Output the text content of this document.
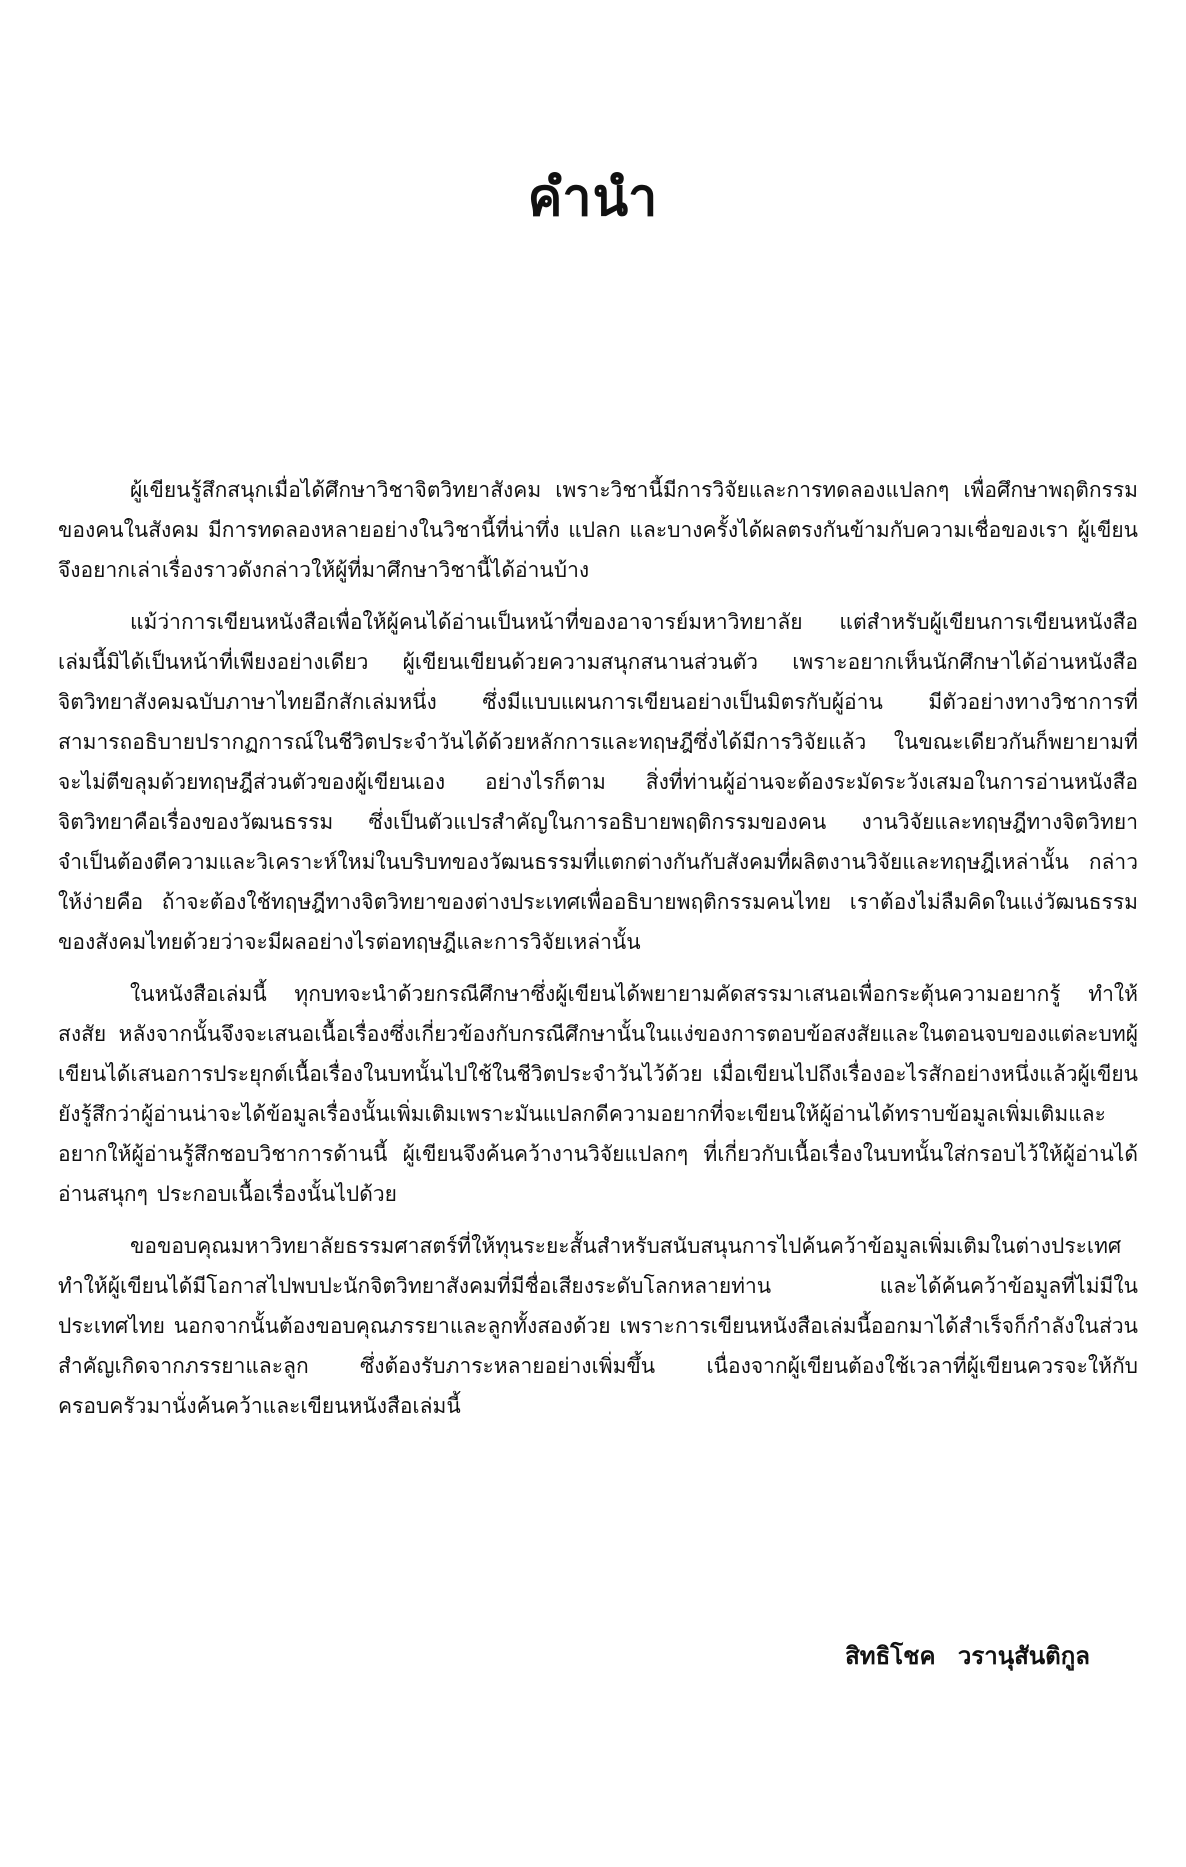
คำนำ

ผู้เขียนรู้สึกสนุกเมื่อได้ศึกษาวิชาจิตวิทยาสังคม เพราะวิชานี้มีการวิจัยและการทดลองแปลกๆ เพื่อศึกษาพฤติกรรมของคนในสังคม มีการทดลองหลายอย่างในวิชานี้ที่น่าทึ่ง แปลก และบางครั้งได้ผลตรงกันข้ามกับความเชื่อของเรา ผู้เขียนจึงอยากเล่าเรื่องราวดังกล่าวให้ผู้ที่มาศึกษาวิชานี้ได้อ่านบ้าง

แม้ว่าการเขียนหนังสือเพื่อให้ผู้คนได้อ่านเป็นหน้าที่ของอาจารย์มหาวิทยาลัย แต่สำหรับผู้เขียนการเขียนหนังสือเล่มนี้มิได้เป็นหน้าที่เพียงอย่างเดียว ผู้เขียนเขียนด้วยความสนุกสนานส่วนตัว เพราะอยากเห็นนักศึกษาได้อ่านหนังสือจิตวิทยาสังคมฉบับภาษาไทยอีกสักเล่มหนึ่ง ซึ่งมีแบบแผนการเขียนอย่างเป็นมิตรกับผู้อ่าน มีตัวอย่างทางวิชาการที่สามารถอธิบายปรากฏการณ์ในชีวิตประจำวันได้ด้วยหลักการและทฤษฎีซึ่งได้มีการวิจัยแล้ว ในขณะเดียวกันก็พยายามที่จะไม่ตีขลุมด้วยทฤษฎีส่วนตัวของผู้เขียนเอง อย่างไรก็ตาม สิ่งที่ท่านผู้อ่านจะต้องระมัดระวังเสมอในการอ่านหนังสือจิตวิทยาคือเรื่องของวัฒนธรรม ซึ่งเป็นตัวแปรสำคัญในการอธิบายพฤติกรรมของคน งานวิจัยและทฤษฎีทางจิตวิทยาจำเป็นต้องตีความและวิเคราะห์ใหม่ในบริบทของวัฒนธรรมที่แตกต่างกันกับสังคมที่ผลิตงานวิจัยและทฤษฎีเหล่านั้น กล่าวให้ง่ายคือ ถ้าจะต้องใช้ทฤษฎีทางจิตวิทยาของต่างประเทศเพื่ออธิบายพฤติกรรมคนไทย เราต้องไม่ลืมคิดในแง่วัฒนธรรมของสังคมไทยด้วยว่าจะมีผลอย่างไรต่อทฤษฎีและการวิจัยเหล่านั้น

ในหนังสือเล่มนี้ ทุกบทจะนำด้วยกรณีศึกษาซึ่งผู้เขียนได้พยายามคัดสรรมาเสนอเพื่อกระตุ้นความอยากรู้ ทำให้สงสัย หลังจากนั้นจึงจะเสนอเนื้อเรื่องซึ่งเกี่ยวข้องกับกรณีศึกษานั้นในแง่ของการตอบข้อสงสัยและในตอนจบของแต่ละบทผู้เขียนได้เสนอการประยุกต์เนื้อเรื่องในบทนั้นไปใช้ในชีวิตประจำวันไว้ด้วย เมื่อเขียนไปถึงเรื่องอะไรสักอย่างหนึ่งแล้วผู้เขียนยังรู้สึกว่าผู้อ่านน่าจะได้ข้อมูลเรื่องนั้นเพิ่มเติมเพราะมันแปลกดีความอยากที่จะเขียนให้ผู้อ่านได้ทราบข้อมูลเพิ่มเติมและอยากให้ผู้อ่านรู้สึกชอบวิชาการด้านนี้ ผู้เขียนจึงค้นคว้างานวิจัยแปลกๆ ที่เกี่ยวกับเนื้อเรื่องในบทนั้นใส่กรอบไว้ให้ผู้อ่านได้อ่านสนุกๆ ประกอบเนื้อเรื่องนั้นไปด้วย

ขอขอบคุณมหาวิทยาลัยธรรมศาสตร์ที่ให้ทุนระยะสั้นสำหรับสนับสนุนการไปค้นคว้าข้อมูลเพิ่มเติมในต่างประเทศ ทำให้ผู้เขียนได้มีโอกาสไปพบปะนักจิตวิทยาสังคมที่มีชื่อเสียงระดับโลกหลายท่าน และได้ค้นคว้าข้อมูลที่ไม่มีในประเทศไทย นอกจากนั้นต้องขอบคุณภรรยาและลูกทั้งสองด้วย เพราะการเขียนหนังสือเล่มนี้ออกมาได้สำเร็จก็กำลังในส่วนสำคัญเกิดจากภรรยาและลูก ซึ่งต้องรับภาระหลายอย่างเพิ่มขึ้น เนื่องจากผู้เขียนต้องใช้เวลาที่ผู้เขียนควรจะให้กับครอบครัวมานั่งค้นคว้าและเขียนหนังสือเล่มนี้

สิทธิโชค วรานุสันติกูล
